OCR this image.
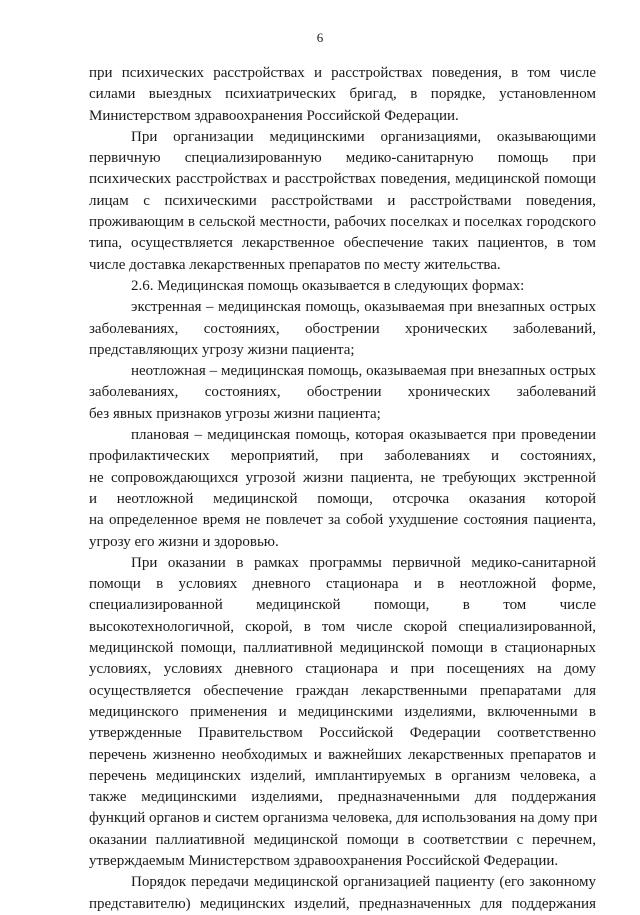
6
при психических расстройствах и расстройствах поведения, в том числе
силами выездных психиатрических бригад, в порядке, установленном
Министерством здравоохранения Российской Федерации.
При организации медицинскими организациями, оказывающими
первичную специализированную медико-санитарную помощь при
психических расстройствах и расстройствах поведения, медицинской помощи
лицам с психическими расстройствами и расстройствами поведения,
проживающим в сельской местности, рабочих поселках и поселках городского
типа, осуществляется лекарственное обеспечение таких пациентов, в том
числе доставка лекарственных препаратов по месту жительства.
2.6. Медицинская помощь оказывается в следующих формах:
экстренная – медицинская помощь, оказываемая при внезапных острых
заболеваниях, состояниях, обострении хронических заболеваний,
представляющих угрозу жизни пациента;
неотложная – медицинская помощь, оказываемая при внезапных острых
заболеваниях, состояниях, обострении хронических заболеваний
без явных признаков угрозы жизни пациента;
плановая – медицинская помощь, которая оказывается при проведении
профилактических мероприятий, при заболеваниях и состояниях,
не сопровождающихся угрозой жизни пациента, не требующих экстренной
и неотложной медицинской помощи, отсрочка оказания которой
на определенное время не повлечет за собой ухудшение состояния пациента,
угрозу его жизни и здоровью.
При оказании в рамках программы первичной медико-санитарной
помощи в условиях дневного стационара и в неотложной форме,
специализированной медицинской помощи, в том числе
высокотехнологичной, скорой, в том числе скорой специализированной,
медицинской помощи, паллиативной медицинской помощи в стационарных
условиях, условиях дневного стационара и при посещениях на дому
осуществляется обеспечение граждан лекарственными препаратами для
медицинского применения и медицинскими изделиями, включенными в
утвержденные Правительством Российской Федерации соответственно
перечень жизненно необходимых и важнейших лекарственных препаратов и
перечень медицинских изделий, имплантируемых в организм человека, а
также медицинскими изделиями, предназначенными для поддержания
функций органов и систем организма человека, для использования на дому при
оказании паллиативной медицинской помощи в соответствии с перечнем,
утверждаемым Министерством здравоохранения Российской Федерации.
Порядок передачи медицинской организацией пациенту (его законному
представителю) медицинских изделий, предназначенных для поддержания
